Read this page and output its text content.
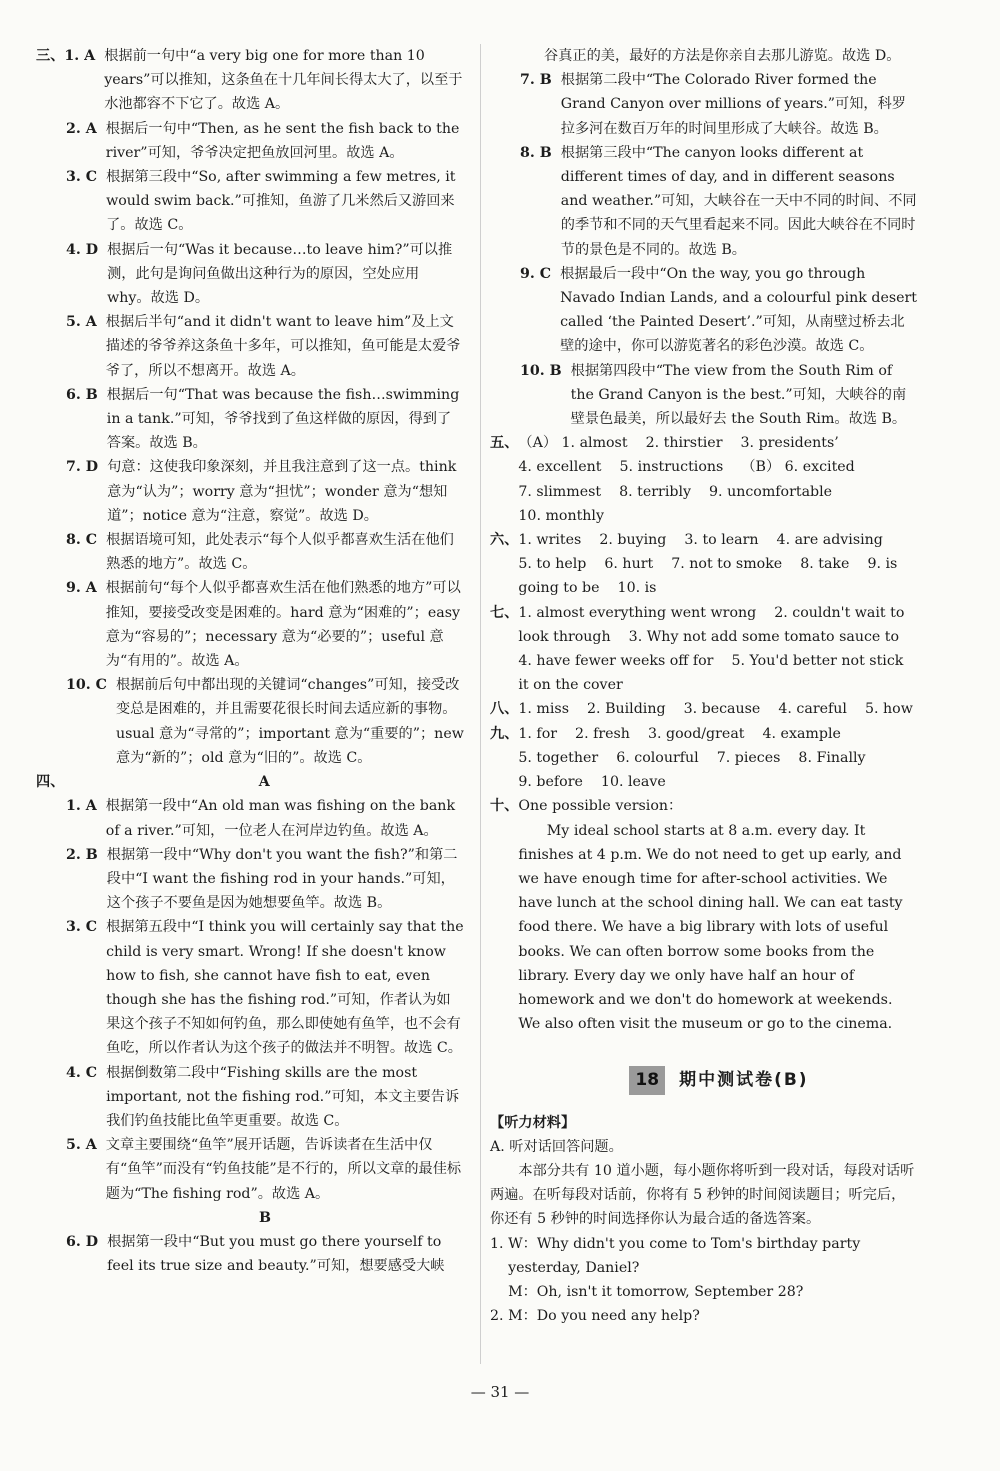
三、 1. A
根据前一句中“a very big one for more than 10 years”可以推知，这条鱼在十几年间长得太大了，以至于水池都容不下它了。故选 A。
2. A
根据后一句中“Then, as he sent the fish back to the river”可知，爷爷决定把鱼放回河里。故选 A。
3. C
根据第三段中“So, after swimming a few metres, it would swim back.”可推知，鱼游了几米然后又游回来了。故选 C。
4. D
根据后一句“Was it because…to leave him?”可以推测，此句是询问鱼做出这种行为的原因，空处应用 why。故选 D。
5. A
根据后半句“and it didn't want to leave him”及上文描述的爷爷养这条鱼十多年，可以推知，鱼可能是太爱爷爷了，所以不想离开。故选 A。
6. B
根据后一句“That was because the fish…swimming in a tank.”可知，爷爷找到了鱼这样做的原因，得到了答案。故选 B。
7. D
句意：这使我印象深刻，并且我注意到了这一点。think 意为“认为”；worry 意为“担忧”；wonder 意为“想知道”；notice 意为“注意，察觉”。故选 D。
8. C
根据语境可知，此处表示“每个人似乎都喜欢生活在他们熟悉的地方”。故选 C。
9. A
根据前句“每个人似乎都喜欢生活在他们熟悉的地方”可以推知，要接受改变是困难的。hard 意为“困难的”；easy 意为“容易的”；necessary 意为“必要的”；useful 意为“有用的”。故选 A。
10. C
根据前后句中都出现的关键词“changes”可知，接受改变总是困难的，并且需要花很长时间去适应新的事物。usual 意为“寻常的”；important 意为“重要的”；new 意为“新的”；old 意为“旧的”。故选 C。
四、	A
1. A
根据第一段中“An old man was fishing on the bank of a river.”可知，一位老人在河岸边钓鱼。故选 A。
2. B
根据第一段中“Why don't you want the fish?”和第二段中“I want the fishing rod in your hands.”可知，这个孩子不要鱼是因为她想要鱼竿。故选 B。
3. C
根据第五段中“I think you will certainly say that the child is very smart. Wrong! If she doesn't know how to fish, she cannot have fish to eat, even though she has the fishing rod.”可知，作者认为如果这个孩子不知如何钓鱼，那么即使她有鱼竿，也不会有鱼吃，所以作者认为这个孩子的做法并不明智。故选 C。
4. C
根据倒数第二段中“Fishing skills are the most important, not the fishing rod.”可知，本文主要告诉我们钓鱼技能比鱼竿更重要。故选 C。
5. A
文章主要围绕“鱼竿”展开话题，告诉读者在生活中仅有“鱼竿”而没有“钓鱼技能”是不行的，所以文章的最佳标题为“The fishing rod”。故选 A。
B
6. D
根据第一段中“But you must go there yourself to feel its true size and beauty.”可知，想要感受大峡
谷真正的美，最好的方法是你亲自去那儿游览。故选 D。
7. B
根据第二段中“The Colorado River formed the Grand Canyon over millions of years.”可知，科罗拉多河在数百万年的时间里形成了大峡谷。故选 B。
8. B
根据第三段中“The canyon looks different at different times of day, and in different seasons and weather.”可知，大峡谷在一天中不同的时间、不同的季节和不同的天气里看起来不同。因此大峡谷在不同时节的景色是不同的。故选 B。
9. C
根据最后一段中“On the way, you go through Navado Indian Lands, and a colourful pink desert called ‘the Painted Desert’.”可知，从南壁过桥去北壁的途中，你可以游览著名的彩色沙漠。故选 C。
10. B
根据第四段中“The view from the South Rim of the Grand Canyon is the best.”可知，大峡谷的南壁景色最美，所以最好去 the South Rim。故选 B。
五、 （A） 1. almost    2. thirstier    3. presidents’
4. excellent    5. instructions    （B） 6. excited
7. slimmest    8. terribly    9. uncomfortable
10. monthly
六、 1. writes    2. buying    3. to learn    4. are advising
5. to help    6. hurt    7. not to smoke    8. take    9. is
going to be    10. is
七、 1. almost everything went wrong    2. couldn't wait to
look through    3. Why not add some tomato sauce to
4. have fewer weeks off for    5. You'd better not stick
it on the cover
八、 1. miss    2. Building    3. because    4. careful    5. how
九、 1. for    2. fresh    3. good/great    4. example
5. together    6. colourful    7. pieces    8. Finally
9. before    10. leave
十、 One possible version：
My ideal school starts at 8 a.m. every day. It finishes at 4 p.m. We do not need to get up early, and we have enough time for after-school activities. We have lunch at the school dining hall. We can eat tasty food there. We have a big library with lots of useful books. We can often borrow some books from the library. Every day we only have half an hour of homework and we don't do homework at weekends. We also often visit the museum or go to the cinema.
18	期中测试卷(B)
【听力材料】
A. 听对话回答问题。
本部分共有 10 道小题，每小题你将听到一段对话，每段对话听两遍。在听每段对话前，你将有 5 秒钟的时间阅读题目；听完后，你还有 5 秒钟的时间选择你认为最合适的备选答案。
1.
W：Why didn't you come to Tom's birthday party yesterday, Daniel?
M：Oh, isn't it tomorrow, September 28?
2.
M：Do you need any help?
— 31 —
